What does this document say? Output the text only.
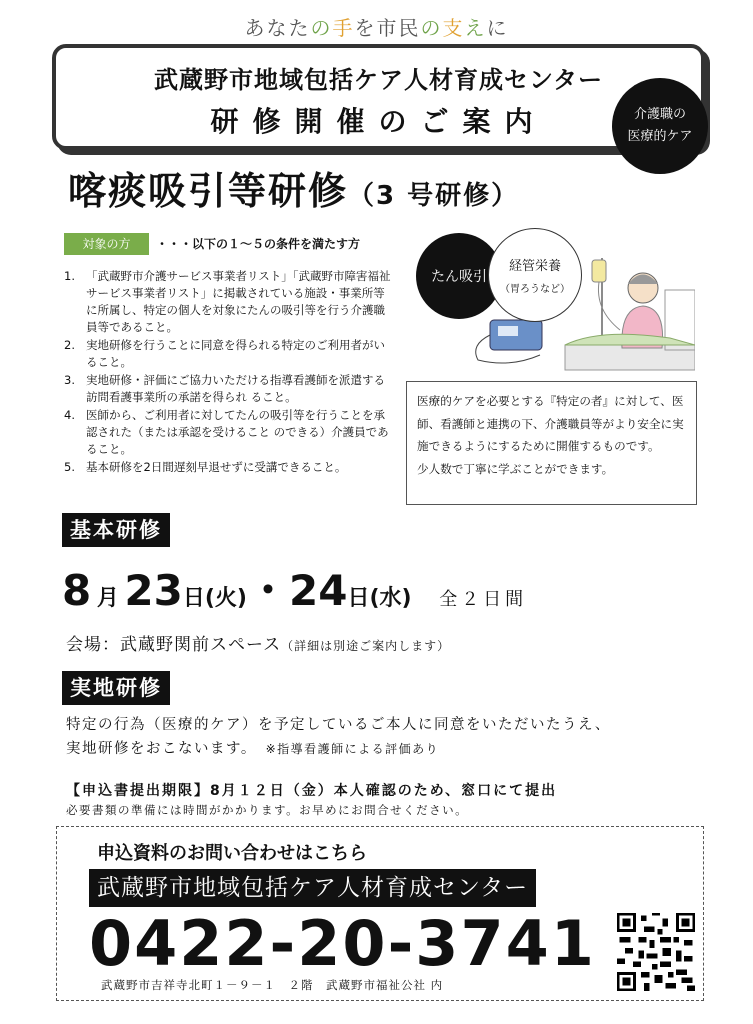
あなたの手を市民の支えに
武蔵野市地域包括ケア人材育成センター
研修開催のご案内	介護職の
医療的ケア
喀痰吸引等研修（3 号研修）
対象の方	・・・以下の１～５の条件を満たす方
1. 「武蔵野市介護サービス事業者リスト」「武蔵野市障害福祉サービス事業者リスト」に掲載されている施設・事業所等に所属し、特定の個人を対象にたんの吸引等を行う介護職 員等であること。
2. 実地研修を行うことに同意を得られる特定のご利用者がいること。
3. 実地研修・評価にご協力いただける指導看護師を派遣する訪問看護事業所の承諾を得られ ること。
4. 医師から、ご利用者に対してたんの吸引等を行うことを承認された（または承認を受けること のできる）介護員であること。
5. 基本研修を2日間遅刻早退せずに受講できること。
たん吸引
経管栄養
（胃ろうなど）
医療的ケアを必要とする『特定の者』に対して、医師、看護師と連携の下、介護職員等がより安全に実施できるようにするために開催するものです。
少人数で丁寧に学ぶことができます。
基本研修
8 月 23日(火)・24日(水) 全２日間
会場：武蔵野関前スペース（詳細は別途ご案内します）
実地研修
特定の行為（医療的ケア）を予定しているご本人に同意をいただいたうえ、
実地研修をおこないます。　 ※指導看護師による評価あり
【申込書提出期限】8月１２日（金）本人確認のため、窓口にて提出
必要書類の準備には時間がかかります。お早めにお問合せください。
申込資料のお問い合わせはこちら
武蔵野市地域包括ケア人材育成センター
0422-20-3741
武蔵野市吉祥寺北町１－９－１　２階　武蔵野市福祉公社 内
